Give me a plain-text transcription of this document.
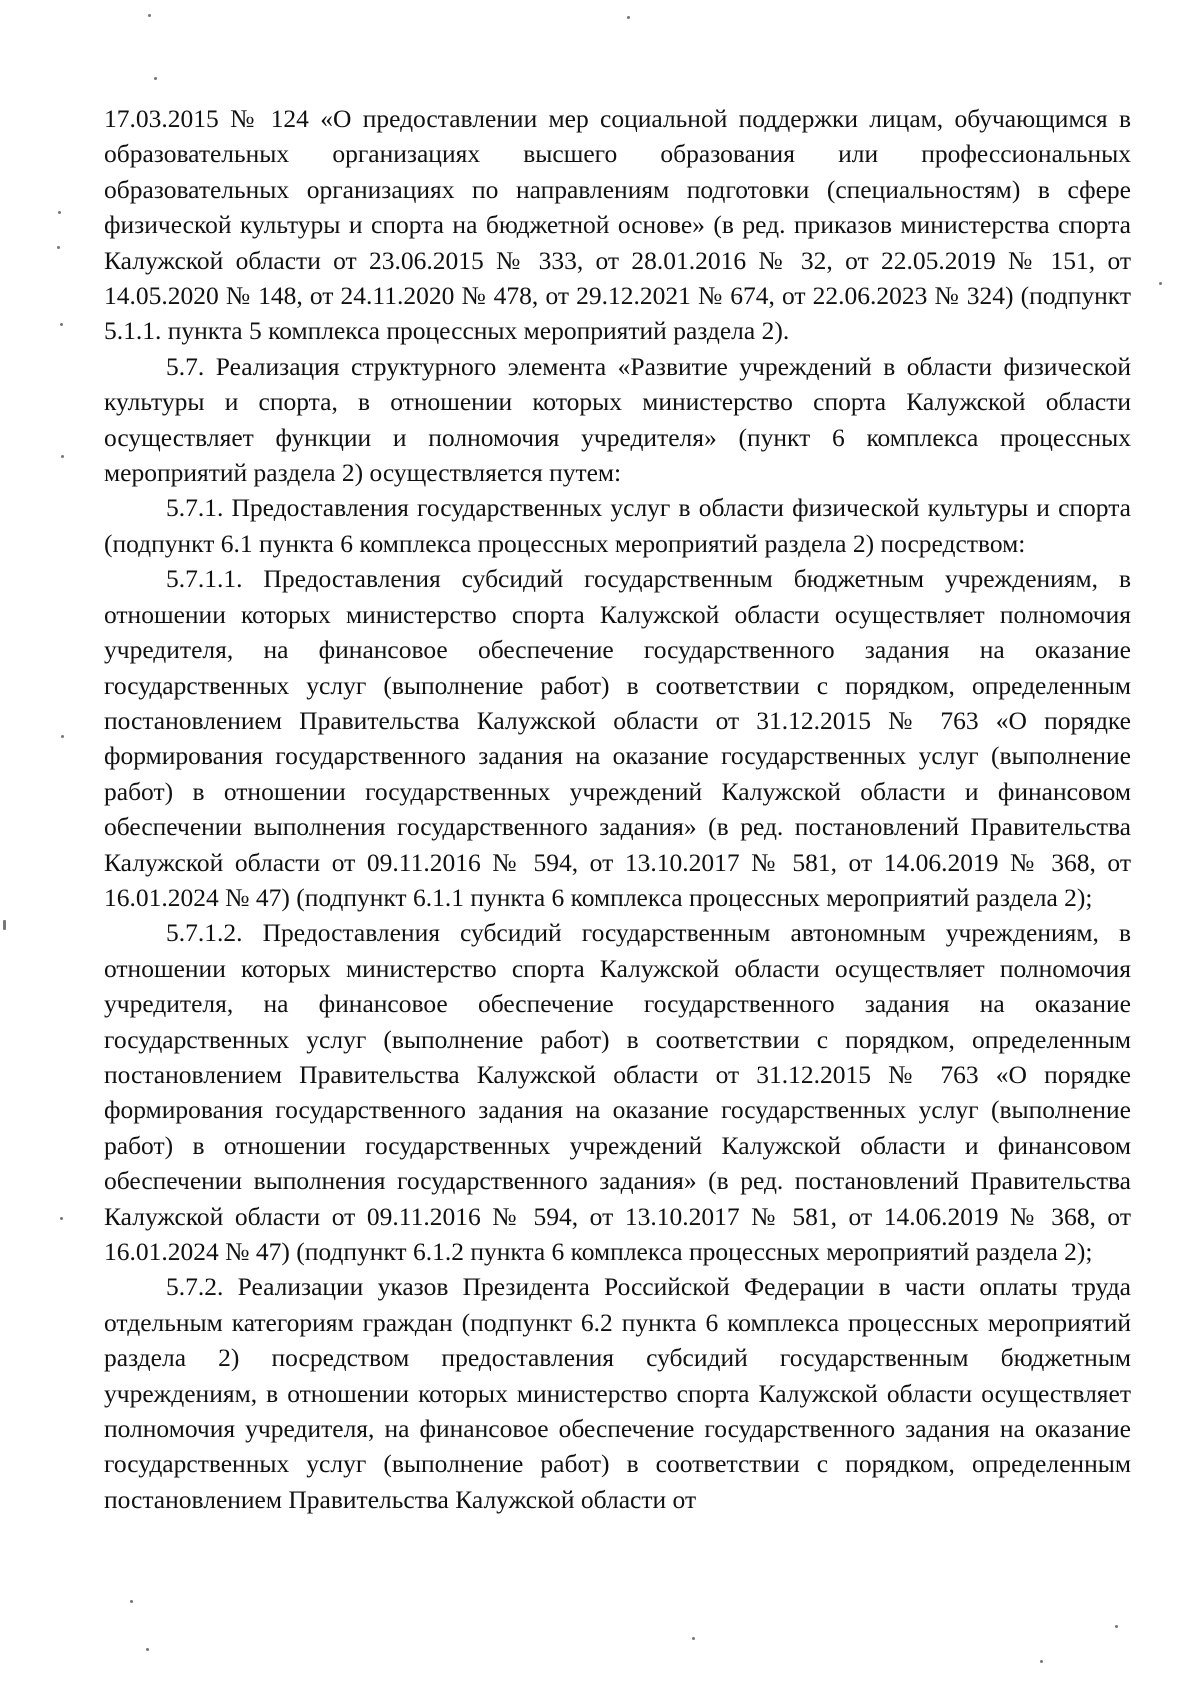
17.03.2015 № 124 «О предоставлении мер социальной поддержки лицам, обучающимся в образовательных организациях высшего образования или профессиональных образовательных организациях по направлениям подготовки (специальностям) в сфере физической культуры и спорта на бюджетной основе» (в ред. приказов министерства спорта Калужской области от 23.06.2015 № 333, от 28.01.2016 № 32, от 22.05.2019 № 151, от 14.05.2020 № 148, от 24.11.2020 № 478, от 29.12.2021 № 674, от 22.06.2023 № 324) (подпункт 5.1.1. пункта 5 комплекса процессных мероприятий раздела 2).

5.7. Реализация структурного элемента «Развитие учреждений в области физической культуры и спорта, в отношении которых министерство спорта Калужской области осуществляет функции и полномочия учредителя» (пункт 6 комплекса процессных мероприятий раздела 2) осуществляется путем:

5.7.1. Предоставления государственных услуг в области физической культуры и спорта (подпункт 6.1 пункта 6 комплекса процессных мероприятий раздела 2) посредством:

5.7.1.1. Предоставления субсидий государственным бюджетным учреждениям, в отношении которых министерство спорта Калужской области осуществляет полномочия учредителя, на финансовое обеспечение государственного задания на оказание государственных услуг (выполнение работ) в соответствии с порядком, определенным постановлением Правительства Калужской области от 31.12.2015 № 763 «О порядке формирования государственного задания на оказание государственных услуг (выполнение работ) в отношении государственных учреждений Калужской области и финансовом обеспечении выполнения государственного задания» (в ред. постановлений Правительства Калужской области от 09.11.2016 № 594, от 13.10.2017 № 581, от 14.06.2019 № 368, от 16.01.2024 № 47) (подпункт 6.1.1 пункта 6 комплекса процессных мероприятий раздела 2);

5.7.1.2. Предоставления субсидий государственным автономным учреждениям, в отношении которых министерство спорта Калужской области осуществляет полномочия учредителя, на финансовое обеспечение государственного задания на оказание государственных услуг (выполнение работ) в соответствии с порядком, определенным постановлением Правительства Калужской области от 31.12.2015 № 763 «О порядке формирования государственного задания на оказание государственных услуг (выполнение работ) в отношении государственных учреждений Калужской области и финансовом обеспечении выполнения государственного задания» (в ред. постановлений Правительства Калужской области от 09.11.2016 № 594, от 13.10.2017 № 581, от 14.06.2019 № 368, от 16.01.2024 № 47) (подпункт 6.1.2 пункта 6 комплекса процессных мероприятий раздела 2);

5.7.2. Реализации указов Президента Российской Федерации в части оплаты труда отдельным категориям граждан (подпункт 6.2 пункта 6 комплекса процессных мероприятий раздела 2) посредством предоставления субсидий государственным бюджетным учреждениям, в отношении которых министерство спорта Калужской области осуществляет полномочия учредителя, на финансовое обеспечение государственного задания на оказание государственных услуг (выполнение работ) в соответствии с порядком, определенным постановлением Правительства Калужской области от
